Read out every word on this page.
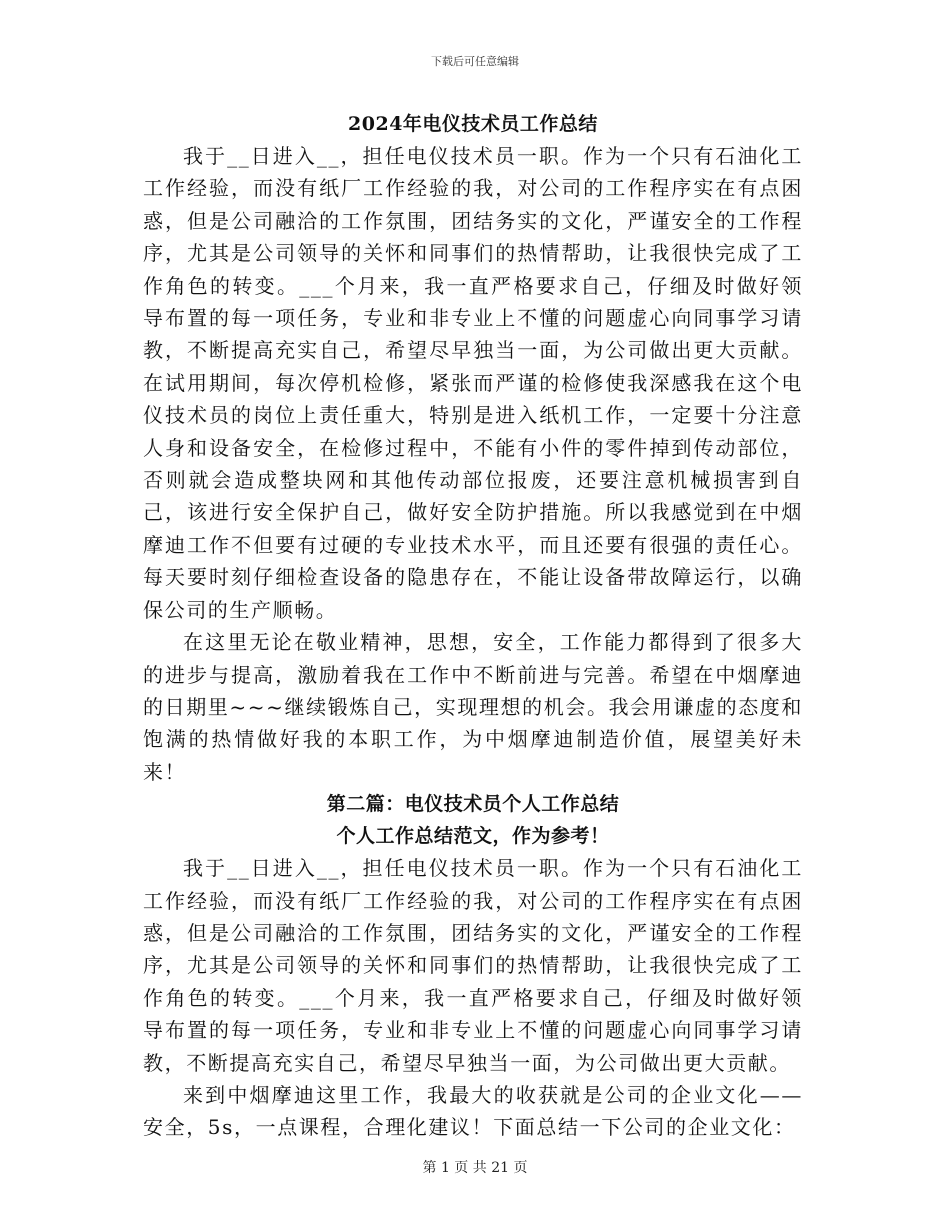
下载后可任意编辑
2024年电仪技术员工作总结

我于__日进入__，担任电仪技术员一职。作为一个只有石油化工工作经验，而没有纸厂工作经验的我，对公司的工作程序实在有点困惑，但是公司融洽的工作氛围，团结务实的文化，严谨安全的工作程序，尤其是公司领导的关怀和同事们的热情帮助，让我很快完成了工作角色的转变。___个月来，我一直严格要求自己，仔细及时做好领导布置的每一项任务，专业和非专业上不懂的问题虚心向同事学习请教，不断提高充实自己，希望尽早独当一面，为公司做出更大贡献。在试用期间，每次停机检修，紧张而严谨的检修使我深感我在这个电仪技术员的岗位上责任重大，特别是进入纸机工作，一定要十分注意人身和设备安全，在检修过程中，不能有小件的零件掉到传动部位，否则就会造成整块网和其他传动部位报废，还要注意机械损害到自己，该进行安全保护自己，做好安全防护措施。所以我感觉到在中烟摩迪工作不但要有过硬的专业技术水平，而且还要有很强的责任心。每天要时刻仔细检查设备的隐患存在，不能让设备带故障运行，以确保公司的生产顺畅。

在这里无论在敬业精神，思想，安全，工作能力都得到了很多大的进步与提高，激励着我在工作中不断前进与完善。希望在中烟摩迪的日期里~~~继续锻炼自己，实现理想的机会。我会用谦虚的态度和饱满的热情做好我的本职工作，为中烟摩迪制造价值，展望美好未来！

第二篇：电仪技术员个人工作总结
个人工作总结范文，作为参考！

我于__日进入__，担任电仪技术员一职。作为一个只有石油化工工作经验，而没有纸厂工作经验的我，对公司的工作程序实在有点困惑，但是公司融洽的工作氛围，团结务实的文化，严谨安全的工作程序，尤其是公司领导的关怀和同事们的热情帮助，让我很快完成了工作角色的转变。___个月来，我一直严格要求自己，仔细及时做好领导布置的每一项任务，专业和非专业上不懂的问题虚心向同事学习请教，不断提高充实自己，希望尽早独当一面，为公司做出更大贡献。

来到中烟摩迪这里工作，我最大的收获就是公司的企业文化——安全，5s，一点课程，合理化建议！下面总结一下公司的企业文化：

第 1 页 共 21 页
